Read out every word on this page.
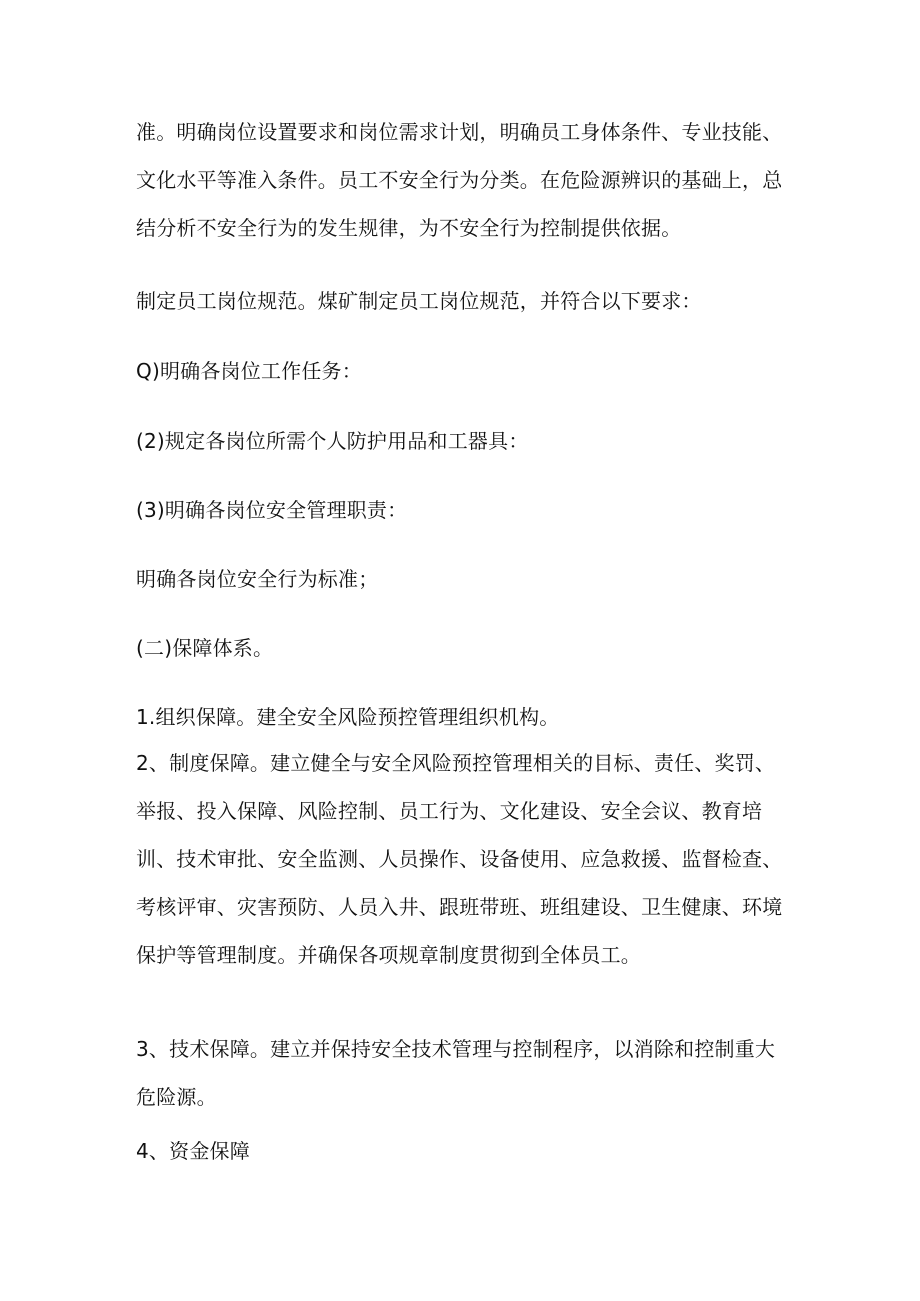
准。明确岗位设置要求和岗位需求计划，明确员工身体条件、专业技能、
文化水平等准入条件。员工不安全行为分类。在危险源辨识的基础上，总
结分析不安全行为的发生规律，为不安全行为控制提供依据。
制定员工岗位规范。煤矿制定员工岗位规范，并符合以下要求：
Q)明确各岗位工作任务：
(2)规定各岗位所需个人防护用品和工器具：
(3)明确各岗位安全管理职责：
明确各岗位安全行为标准；
(二)保障体系。
1.组织保障。建全安全风险预控管理组织机构。
2、制度保障。建立健全与安全风险预控管理相关的目标、责任、奖罚、
举报、投入保障、风险控制、员工行为、文化建设、安全会议、教育培
训、技术审批、安全监测、人员操作、设备使用、应急救援、监督检查、
考核评审、灾害预防、人员入井、跟班带班、班组建设、卫生健康、环境
保护等管理制度。并确保各项规章制度贯彻到全体员工。
3、技术保障。建立并保持安全技术管理与控制程序，以消除和控制重大
危险源。
4、资金保障
